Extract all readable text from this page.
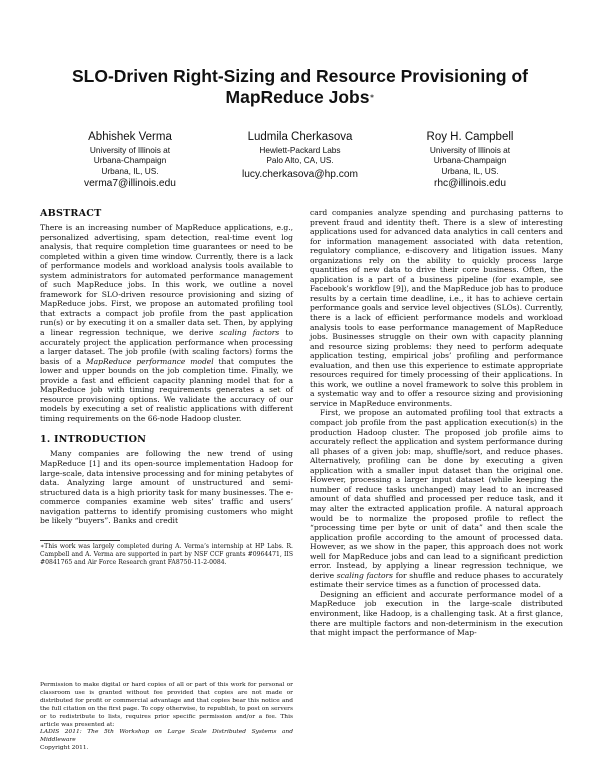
SLO-Driven Right-Sizing and Resource Provisioning of
MapReduce Jobs∗
Abhishek Verma
University of Illinois at
Urbana-Champaign
Urbana, IL, US.
verma7@illinois.edu
Ludmila Cherkasova
Hewlett-Packard Labs
Palo Alto, CA, US.
lucy.cherkasova@hp.com
Roy H. Campbell
University of Illinois at
Urbana-Champaign
Urbana, IL, US.
rhc@illinois.edu
ABSTRACT

There is an increasing number of MapReduce applications, e.g., personalized advertising, spam detection, real-time event log analysis, that require completion time guarantees or need to be completed within a given time window. Currently, there is a lack of performance models and workload analysis tools available to system administrators for automated performance management of such MapReduce jobs. In this work, we outline a novel framework for SLO-driven resource provisioning and sizing of MapReduce jobs. First, we propose an automated profiling tool that extracts a compact job profile from the past application run(s) or by executing it on a smaller data set. Then, by applying a linear regression technique, we derive scaling factors to accurately project the application performance when processing a larger dataset. The job profile (with scaling factors) forms the basis of a MapReduce performance model that computes the lower and upper bounds on the job completion time. Finally, we provide a fast and efficient capacity planning model that for a MapReduce job with timing requirements generates a set of resource provisioning options. We validate the accuracy of our models by executing a set of realistic applications with different timing requirements on the 66-node Hadoop cluster.

1. INTRODUCTION

Many companies are following the new trend of using MapReduce [1] and its open-source implementation Hadoop for large-scale, data intensive processing and for mining petabytes of data. Analyzing large amount of unstructured and semi-structured data is a high priority task for many businesses. The e-commerce companies examine web sites’ traffic and users’ navigation patterns to identify promising customers who might be likely “buyers”. Banks and credit

∗This work was largely completed during A. Verma’s internship at HP Labs. R. Campbell and A. Verma are supported in part by NSF CCF grants #0964471, IIS #0841765 and Air Force Research grant FA8750-11-2-0084.
Permission to make digital or hard copies of all or part of this work for personal or classroom use is granted without fee provided that copies are not made or distributed for profit or commercial advantage and that copies bear this notice and the full citation on the first page. To copy otherwise, to republish, to post on servers or to redistribute to lists, requires prior specific permission and/or a fee. This article was presented at:
LADIS 2011: The 5th Workshop on Large Scale Distributed Systems and Middleware
Copyright 2011.

card companies analyze spending and purchasing patterns to prevent fraud and identity theft. There is a slew of interesting applications used for advanced data analytics in call centers and for information management associated with data retention, regulatory compliance, e-discovery and litigation issues. Many organizations rely on the ability to quickly process large quantities of new data to drive their core business. Often, the application is a part of a business pipeline (for example, see Facebook’s workflow [9]), and the MapReduce job has to produce results by a certain time deadline, i.e., it has to achieve certain performance goals and service level objectives (SLOs). Currently, there is a lack of efficient performance models and workload analysis tools to ease performance management of MapReduce jobs. Businesses struggle on their own with capacity planning and resource sizing problems: they need to perform adequate application testing, empirical jobs’ profiling and performance evaluation, and then use this experience to estimate appropriate resources required for timely processing of their applications. In this work, we outline a novel framework to solve this problem in a systematic way and to offer a resource sizing and provisioning service in MapReduce environments.

First, we propose an automated profiling tool that extracts a compact job profile from the past application execution(s) in the production Hadoop cluster. The proposed job profile aims to accurately reflect the application and system performance during all phases of a given job: map, shuffle/sort, and reduce phases. Alternatively, profiling can be done by executing a given application with a smaller input dataset than the original one. However, processing a larger input dataset (while keeping the number of reduce tasks unchanged) may lead to an increased amount of data shuffled and processed per reduce task, and it may alter the extracted application profile. A natural approach would be to normalize the proposed profile to reflect the “processing time per byte or unit of data” and then scale the application profile according to the amount of processed data. However, as we show in the paper, this approach does not work well for MapReduce jobs and can lead to a significant prediction error. Instead, by applying a linear regression technique, we derive scaling factors for shuffle and reduce phases to accurately estimate their service times as a function of processed data.

Designing an efficient and accurate performance model of a MapReduce job execution in the large-scale distributed environment, like Hadoop, is a challenging task. At a first glance, there are multiple factors and non-determinism in the execution that might impact the performance of Map-
